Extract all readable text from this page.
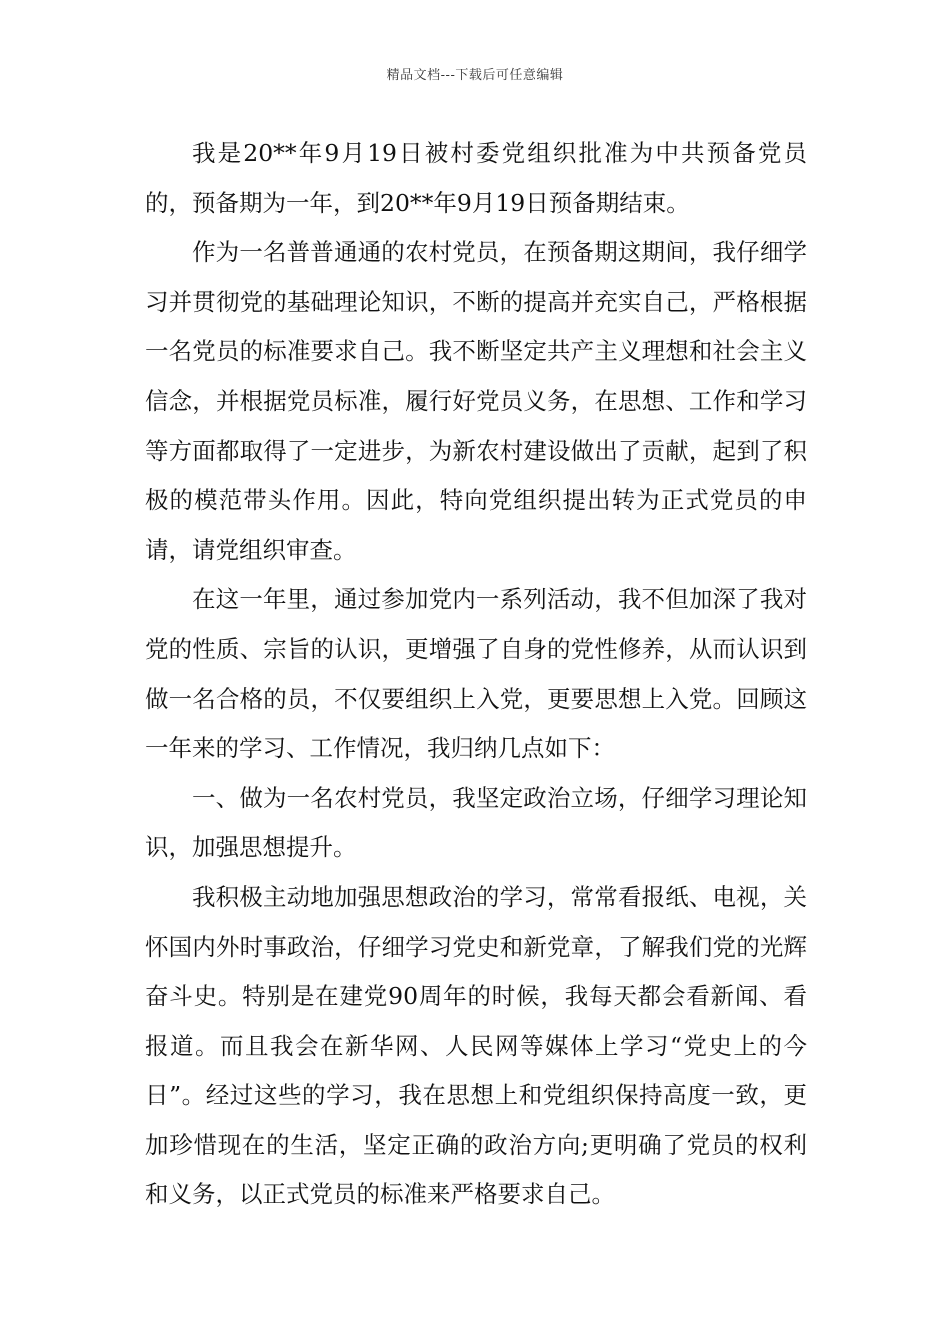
精品文档---下载后可任意编辑

我是20**年9月19日被村委党组织批准为中共预备党员的，预备期为一年，到20**年9月19日预备期结束。

作为一名普普通通的农村党员，在预备期这期间，我仔细学习并贯彻党的基础理论知识，不断的提高并充实自己，严格根据一名党员的标准要求自己。我不断坚定共产主义理想和社会主义信念，并根据党员标准，履行好党员义务，在思想、工作和学习等方面都取得了一定进步，为新农村建设做出了贡献，起到了积极的模范带头作用。因此，特向党组织提出转为正式党员的申请，请党组织审查。

在这一年里，通过参加党内一系列活动，我不但加深了我对党的性质、宗旨的认识，更增强了自身的党性修养，从而认识到做一名合格的员，不仅要组织上入党，更要思想上入党。回顾这一年来的学习、工作情况，我归纳几点如下：

一、做为一名农村党员，我坚定政治立场，仔细学习理论知识，加强思想提升。

我积极主动地加强思想政治的学习，常常看报纸、电视，关怀国内外时事政治，仔细学习党史和新党章，了解我们党的光辉奋斗史。特别是在建党90周年的时候，我每天都会看新闻、看报道。而且我会在新华网、人民网等媒体上学习“党史上的今日”。经过这些的学习，我在思想上和党组织保持高度一致，更加珍惜现在的生活，坚定正确的政治方向;更明确了党员的权利和义务，以正式党员的标准来严格要求自己。
